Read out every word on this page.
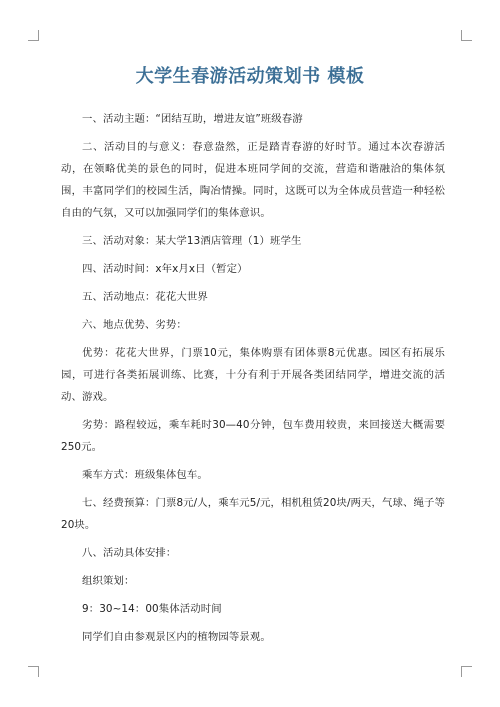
大学生春游活动策划书 模板

一、活动主题：“团结互助，增进友谊”班级春游

二、活动目的与意义：春意盎然，正是踏青春游的好时节。通过本次春游活动，在领略优美的景色的同时，促进本班同学间的交流，营造和谐融洽的集体氛围，丰富同学们的校园生活，陶冶情操。同时，这既可以为全体成员营造一种轻松自由的气氛，又可以加强同学们的集体意识。

三、活动对象：某大学13酒店管理（1）班学生

四、活动时间：x年x月x日（暂定）

五、活动地点：花花大世界

六、地点优势、劣势：

优势：花花大世界，门票10元，集体购票有团体票8元优惠。园区有拓展乐园，可进行各类拓展训练、比赛，十分有利于开展各类团结同学，增进交流的活动、游戏。

劣势：路程较远，乘车耗时30—40分钟，包车费用较贵，来回接送大概需要250元。

乘车方式：班级集体包车。

七、经费预算：门票8元/人，乘车元5/元，相机租赁20块/两天，气球、绳子等20块。

八、活动具体安排：

组织策划：

9：30~14：00集体活动时间

同学们自由参观景区内的植物园等景观。
